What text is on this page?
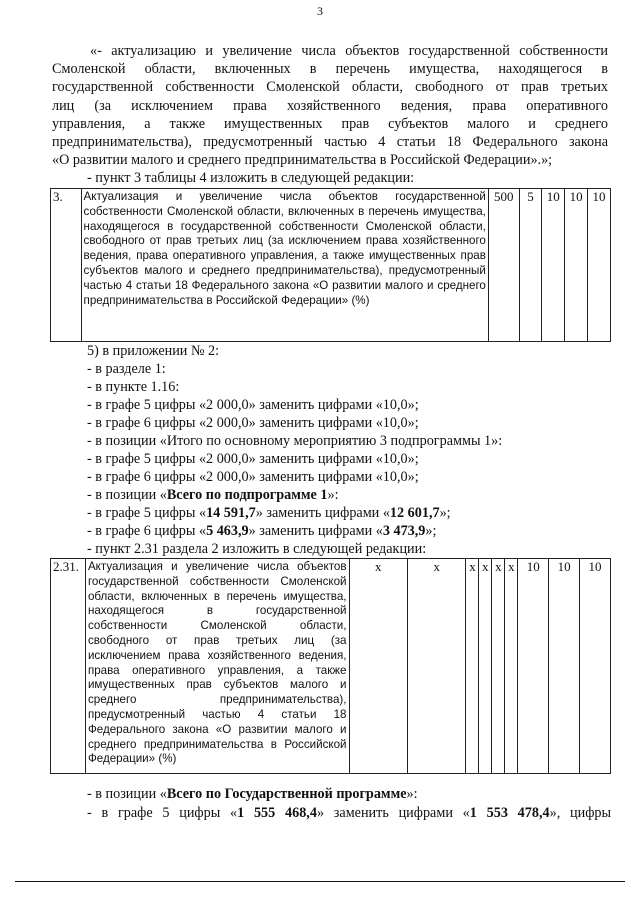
3

«- актуализацию и увеличение числа объектов государственной собственности

Смоленской области, включенных в перечень имущества, находящегося в

государственной собственности Смоленской области, свободного от прав третьих

лиц (за исключением права хозяйственного ведения, права оперативного

управления, а также имущественных прав субъектов малого и среднего

предпринимательства), предусмотренный частью 4 статьи 18 Федерального закона

«О развитии малого и среднего предпринимательства в Российской Федерации».»;

- пункт 3 таблицы 4 изложить в следующей редакции:
3.	Актуализация и увеличение числа объектов государственной собственности Смоленской области, включенных в перечень имущества, находящегося в государственной собственности Смоленской области, свободного от прав третьих лиц (за исключением права хозяйственного ведения, права оперативного управления, а также имущественных прав субъектов малого и среднего предпринимательства), предусмотренный частью 4 статьи 18 Федерального закона «О развитии малого и среднего предпринимательства в Российской Федерации» (%)	500	5	10	10	10
5) в приложении № 2:
- в разделе 1:
- в пункте 1.16:
- в графе 5 цифры «2 000,0» заменить цифрами «10,0»;
- в графе 6 цифры «2 000,0» заменить цифрами «10,0»;
- в позиции «Итого по основному мероприятию 3 подпрограммы 1»:
- в графе 5 цифры «2 000,0» заменить цифрами «10,0»;
- в графе 6 цифры «2 000,0» заменить цифрами «10,0»;
- в позиции «Всего по подпрограмме 1»:
- в графе 5 цифры «14 591,7» заменить цифрами «12 601,7»;
- в графе 6 цифры «5 463,9» заменить цифрами «3 473,9»;
- пункт 2.31 раздела 2 изложить в следующей редакции:
2.31.	Актуализация и увеличение числа объектов государственной собственности Смоленской области, включенных в перечень имущества, находящегося в государственной собственности Смоленской области, свободного от прав третьих лиц (за исключением права хозяйственного ведения, права оперативного управления, а также имущественных прав субъектов малого и среднего предпринимательства), предусмотренный частью 4 статьи 18 Федерального закона «О развитии малого и среднего предпринимательства в Российской Федерации» (%)	х	х	х	х	х	х	10	10	10
- в позиции «Всего по Государственной программе»:
- в графе 5 цифры «1 555 468,4» заменить цифрами «1 553 478,4», цифры
